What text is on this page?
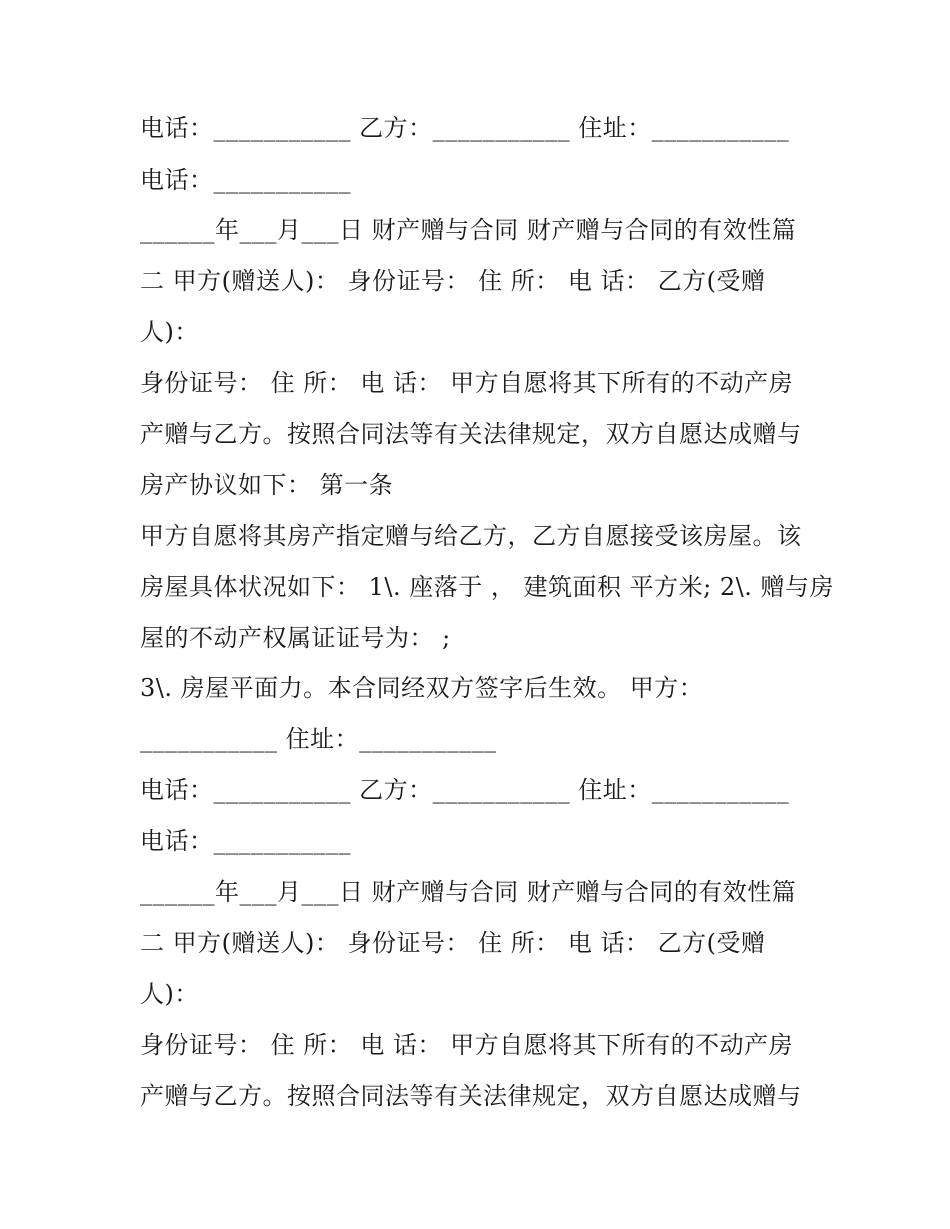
电话：___________ 乙方：___________ 住址：___________
电话：___________
______年___月___日 财产赠与合同 财产赠与合同的有效性篇
二 甲方(赠送人)： 身份证号： 住 所： 电 话： 乙方(受赠
人)：
身份证号： 住 所： 电 话： 甲方自愿将其下所有的不动产房
产赠与乙方。按照合同法等有关法律规定，双方自愿达成赠与
房产协议如下： 第一条
甲方自愿将其房产指定赠与给乙方，乙方自愿接受该房屋。该
房屋具体状况如下： 1\. 座落于 ， 建筑面积 平方米; 2\. 赠与房
屋的不动产权属证证号为： ;
3\. 房屋平面力。本合同经双方签字后生效。 甲方：
___________ 住址：___________
电话：___________ 乙方：___________ 住址：___________
电话：___________
______年___月___日 财产赠与合同 财产赠与合同的有效性篇
二 甲方(赠送人)： 身份证号： 住 所： 电 话： 乙方(受赠
人)：
身份证号： 住 所： 电 话： 甲方自愿将其下所有的不动产房
产赠与乙方。按照合同法等有关法律规定，双方自愿达成赠与
